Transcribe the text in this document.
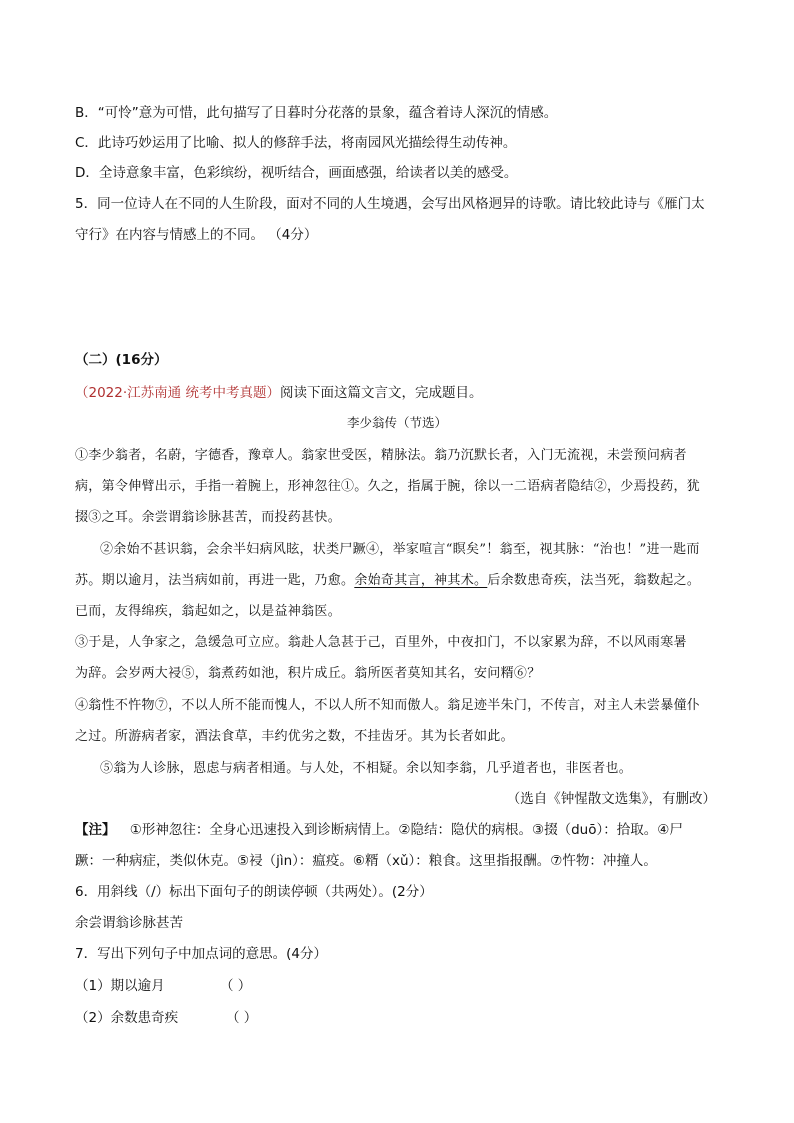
B．“可怜”意为可惜，此句描写了日暮时分花落的景象，蕴含着诗人深沉的情感。
C．此诗巧妙运用了比喻、拟人的修辞手法，将南园风光描绘得生动传神。
D．全诗意象丰富，色彩缤纷，视听结合，画面感强，给读者以美的感受。
5．同一位诗人在不同的人生阶段，面对不同的人生境遇，会写出风格迥异的诗歌。请比较此诗与《雁门太
守行》在内容与情感上的不同。 （4分）
（二）(16分）
（2022·江苏南通 统考中考真题）阅读下面这篇文言文，完成题目。
李少翁传（节选）
①李少翁者，名蔚，字德香，豫章人。翁家世受医，精脉法。翁乃沉默长者，入门无流视，未尝预问病者
病，第令伸臂出示，手指一着腕上，形神忽往①。久之，指属于腕，徐以一二语病者隐结②，少焉投药，犹
掇③之耳。余尝谓翁诊脉甚苦，而投药甚快。
②余始不甚识翁，会余半妇病风眩，状类尸蹶④，举家喧言“瞑矣”！翁至，视其脉：“治也！”进一匙而
苏。期以逾月，法当病如前，再进一匙，乃愈。余始奇其言，神其术。后余数患奇疾，法当死，翁数起之。
已而，友得绵疾，翁起如之，以是益神翁医。
③于是，人争家之，急缓急可立应。翁赴人急甚于己，百里外，中夜扣门，不以家累为辞，不以风雨寒暑
为辞。会岁两大祲⑤，翁煮药如池，积片成丘。翁所医者莫知其名，安问糈⑥？
④翁性不忤物⑦，不以人所不能而愧人，不以人所不知而傲人。翁足迹半朱门，不传言，对主人未尝暴僮仆
之过。所游病者家，酒法食草，丰约优劣之数，不挂齿牙。其为长者如此。
⑤翁为人诊脉，恩虑与病者相通。与人处，不相疑。余以知李翁，几乎道者也，非医者也。
（选自《钟惺散文选集》，有删改）
【注】 ①形神忽往：全身心迅速投入到诊断病情上。②隐结：隐伏的病根。③掇（duō）：拾取。④尸
蹶：一种病症，类似休克。⑤祲（jìn）：瘟疫。⑥糈（xǔ）：粮食。这里指报酬。⑦忤物：冲撞人。
6．用斜线（/）标出下面句子的朗读停顿（共两处）。(2分）
余尝谓翁诊脉甚苦
7．写出下列句子中加点词的意思。(4分）
（1）期以逾月	（ ）
（2）余数患奇疾	（ ）
